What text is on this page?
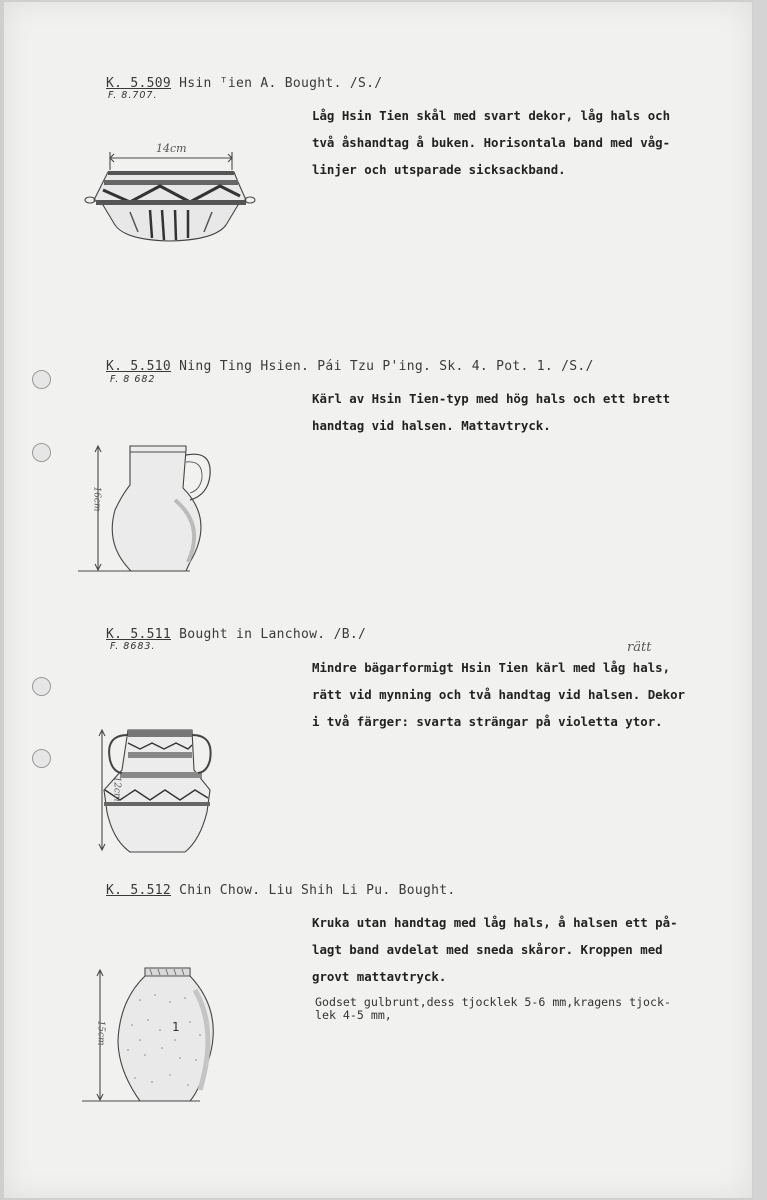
K. 5.509 Hsin ᵀien A. Bought. /S./
F. 8.707.
Låg Hsin Tien skål med svart dekor, låg hals och
två åshandtag å buken. Horisontala band med våg-
linjer och utsparade sicksackband.
14cm
K. 5.510 Ning Ting Hsien. Pái Tzu P'ing. Sk. 4. Pot. 1. /S./
F. 8 682
Kärl av Hsin Tien-typ med hög hals och ett brett
handtag vid halsen. Mattavtryck.
16cm
K. 5.511 Bought in Lanchow. /B./
F. 8683.	rätt
Mindre bägarformigt Hsin Tien kärl med låg hals,
rätt vid mynning och två handtag vid halsen. Dekor
i två färger: svarta strängar på violetta ytor.
12cm
K. 5.512 Chin Chow. Liu Shih Li Pu. Bought.
Kruka utan handtag med låg hals, å halsen ett på-
lagt band avdelat med sneda skåror. Kroppen med
grovt mattavtryck.
Godset gulbrunt,dess tjocklek 5-6 mm,kragens tjock-
lek 4-5 mm,
1
15cm
